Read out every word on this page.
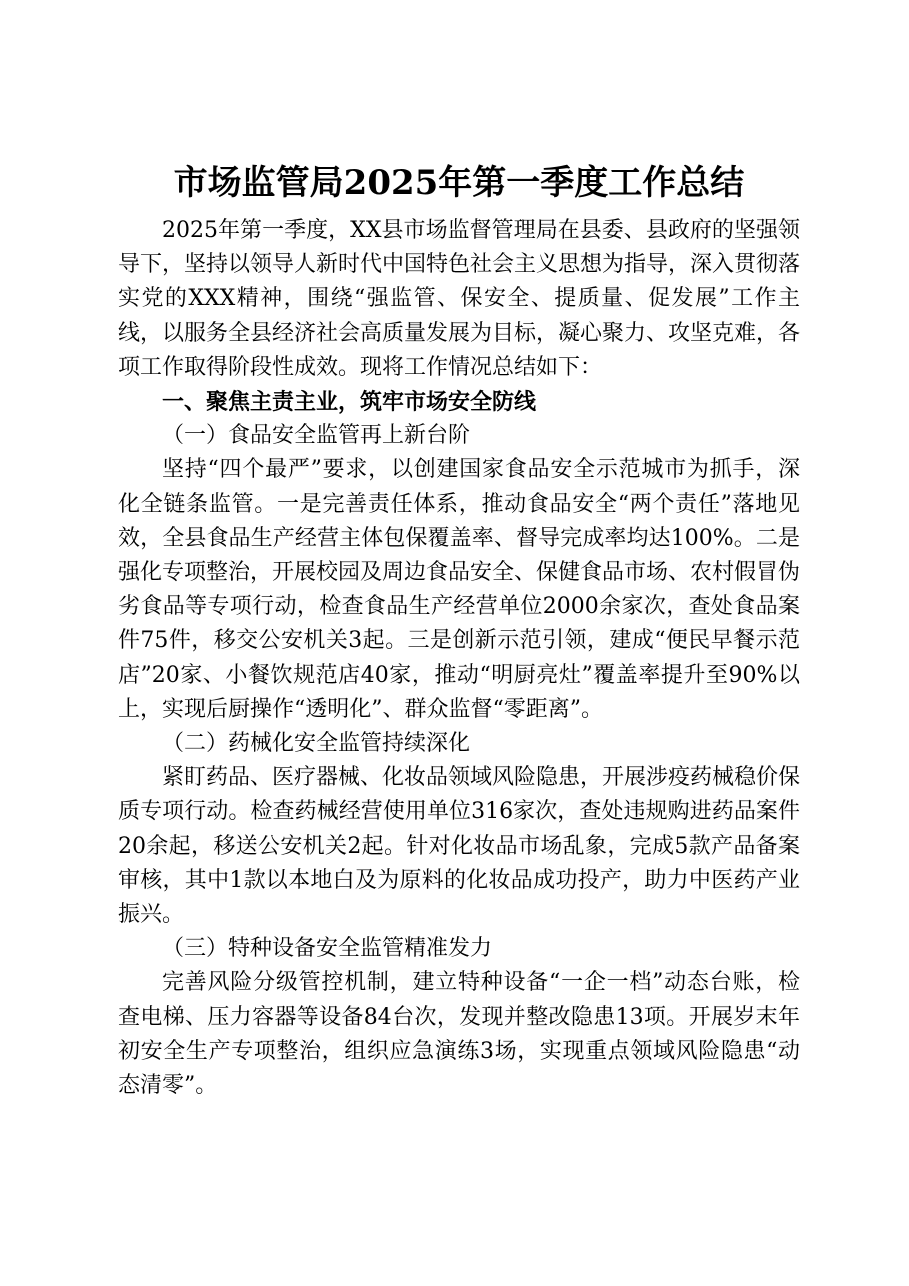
市场监管局2025年第一季度工作总结

2025年第一季度，XX县市场监督管理局在县委、县政府的坚强领导下，坚持以领导人新时代中国特色社会主义思想为指导，深入贯彻落实党的XXX精神，围绕“强监管、保安全、提质量、促发展”工作主线，以服务全县经济社会高质量发展为目标，凝心聚力、攻坚克难，各项工作取得阶段性成效。现将工作情况总结如下：

一、聚焦主责主业，筑牢市场安全防线

（一）食品安全监管再上新台阶

坚持“四个最严”要求，以创建国家食品安全示范城市为抓手，深化全链条监管。一是完善责任体系，推动食品安全“两个责任”落地见效，全县食品生产经营主体包保覆盖率、督导完成率均达100%。二是强化专项整治，开展校园及周边食品安全、保健食品市场、农村假冒伪劣食品等专项行动，检查食品生产经营单位2000余家次，查处食品案件75件，移交公安机关3起。三是创新示范引领，建成“便民早餐示范店”20家、小餐饮规范店40家，推动“明厨亮灶”覆盖率提升至90%以上，实现后厨操作“透明化”、群众监督“零距离”。

（二）药械化安全监管持续深化

紧盯药品、医疗器械、化妆品领域风险隐患，开展涉疫药械稳价保质专项行动。检查药械经营使用单位316家次，查处违规购进药品案件20余起，移送公安机关2起。针对化妆品市场乱象，完成5款产品备案审核，其中1款以本地白及为原料的化妆品成功投产，助力中医药产业振兴。

（三）特种设备安全监管精准发力

完善风险分级管控机制，建立特种设备“一企一档”动态台账，检查电梯、压力容器等设备84台次，发现并整改隐患13项。开展岁末年初安全生产专项整治，组织应急演练3场，实现重点领域风险隐患“动态清零”。
